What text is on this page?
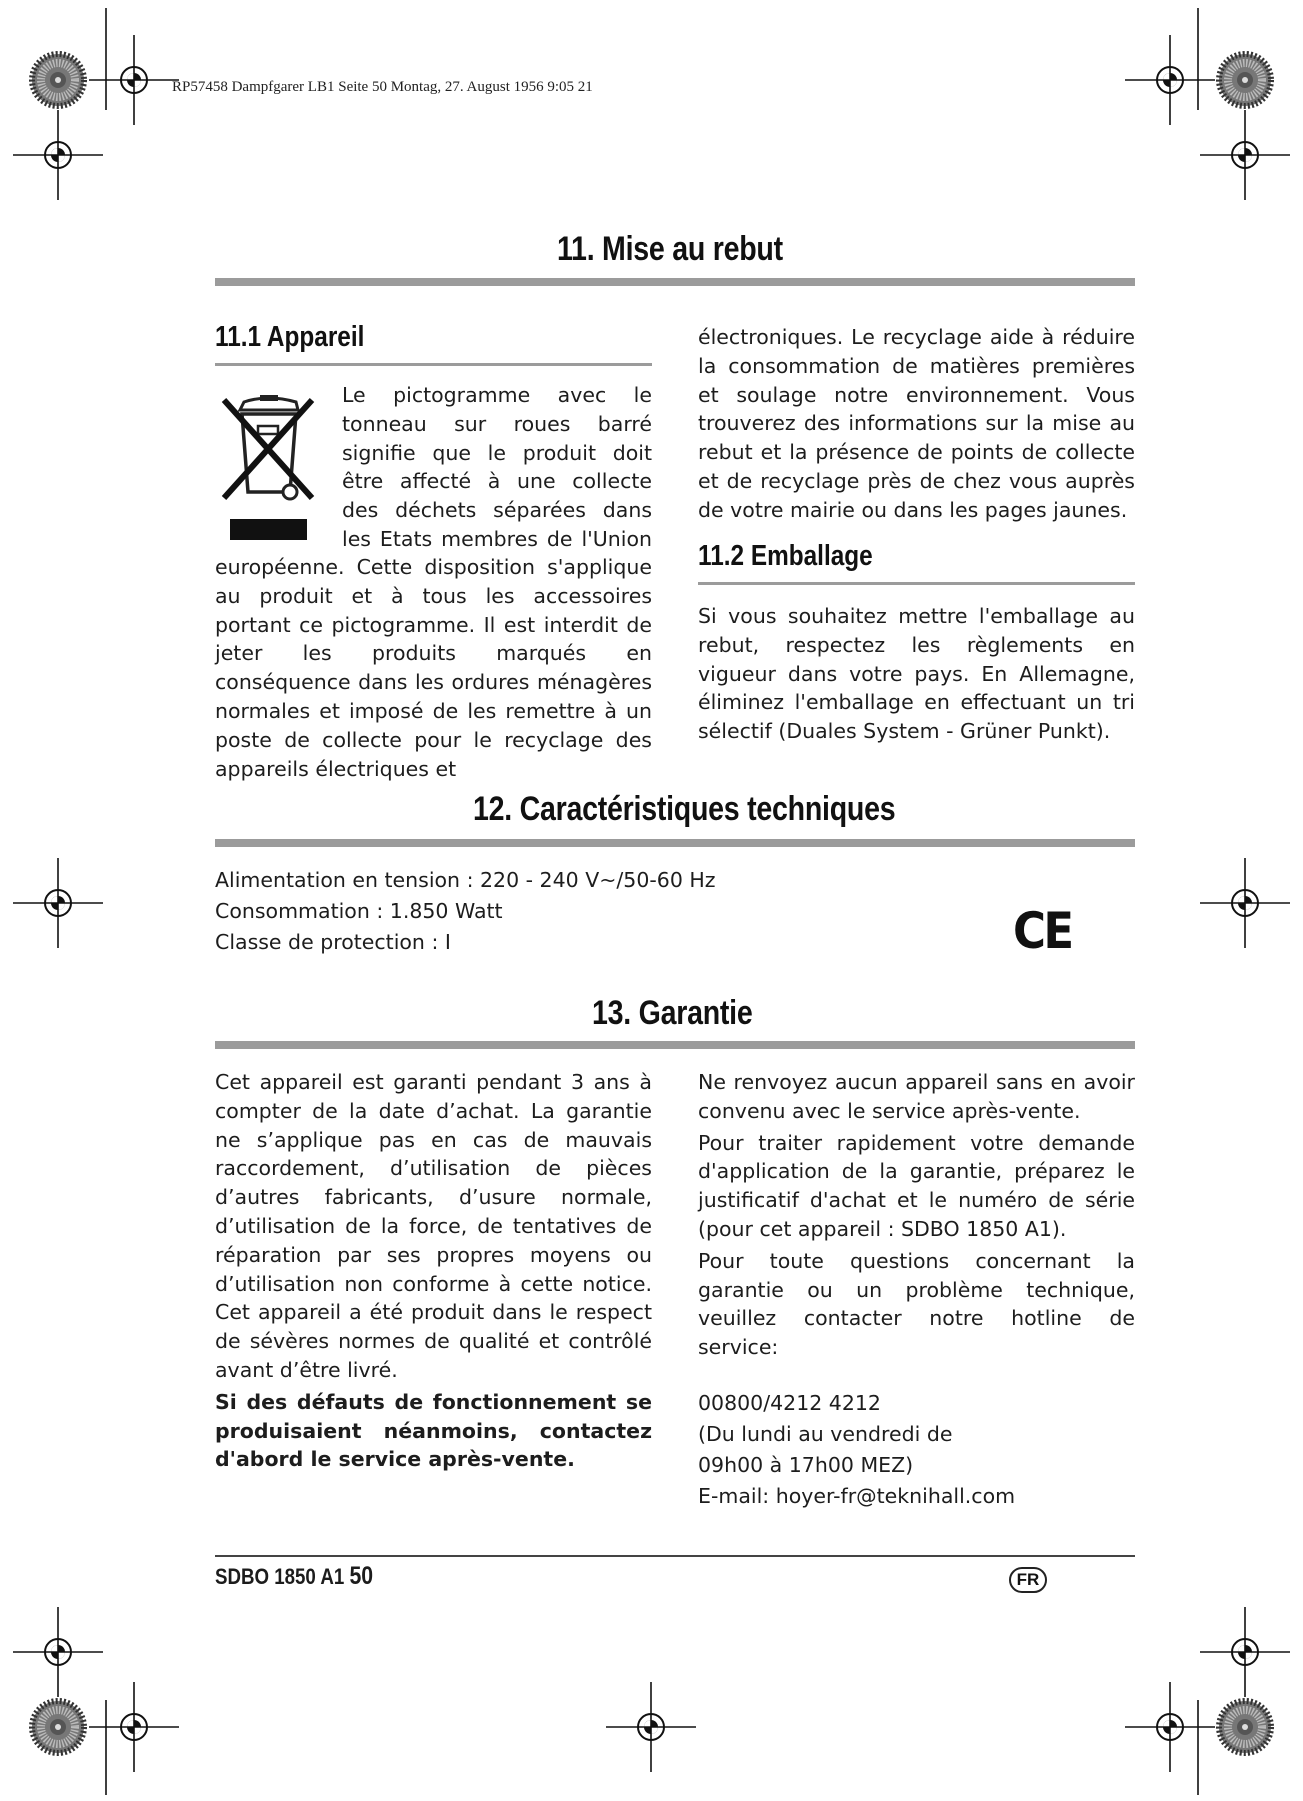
RP57458 Dampfgarer LB1 Seite 50 Montag, 27. August 1956 9:05 21
11. Mise au rebut
11.1 Appareil
Le pictogramme avec le tonneau sur roues barré signifie que le produit doit être affecté à une collecte des déchets séparées dans les Etats membres de l'Union
européenne. Cette disposition s'applique au produit et à tous les accessoires portant ce pictogramme. Il est interdit de jeter les produits marqués en conséquence dans les ordures ménagères normales et imposé de les remettre à un poste de collecte pour le recyclage des appareils électriques et
électroniques. Le recyclage aide à réduire la consommation de matières premières et soulage notre environnement. Vous trouverez des informations sur la mise au rebut et la présence de points de collecte et de recyclage près de chez vous auprès de votre mairie ou dans les pages jaunes.
11.2 Emballage
Si vous souhaitez mettre l'emballage au rebut, respectez les règlements en vigueur dans votre pays. En Allemagne, éliminez l'emballage en effectuant un tri sélectif (Duales System - Grüner Punkt).
12. Caractéristiques techniques
Alimentation en tension : 220 - 240 V~/50-60 Hz
Consommation : 1.850 Watt
Classe de protection : I	CE
13. Garantie
Cet appareil est garanti pendant 3 ans à compter de la date d’achat. La garantie ne s’applique pas en cas de mauvais raccordement, d’utilisation de pièces d’autres fabricants, d’usure normale, d’utilisation de la force, de tentatives de réparation par ses propres moyens ou d’utilisation non conforme à cette notice. Cet appareil a été produit dans le respect de sévères normes de qualité et contrôlé avant d’être livré.
Si des défauts de fonctionnement se produisaient néanmoins, contactez d'abord le service après-vente.
Ne renvoyez aucun appareil sans en avoir convenu avec le service après-vente.
Pour traiter rapidement votre demande d'application de la garantie, préparez le justificatif d'achat et le numéro de série (pour cet appareil : SDBO 1850 A1).
Pour toute questions concernant la garantie ou un problème technique, veuillez contacter notre hotline de service:
00800/4212 4212
(Du lundi au vendredi de
09h00 à 17h00 MEZ)
E-mail: hoyer-fr@teknihall.com
SDBO 1850 A1 50	FR
